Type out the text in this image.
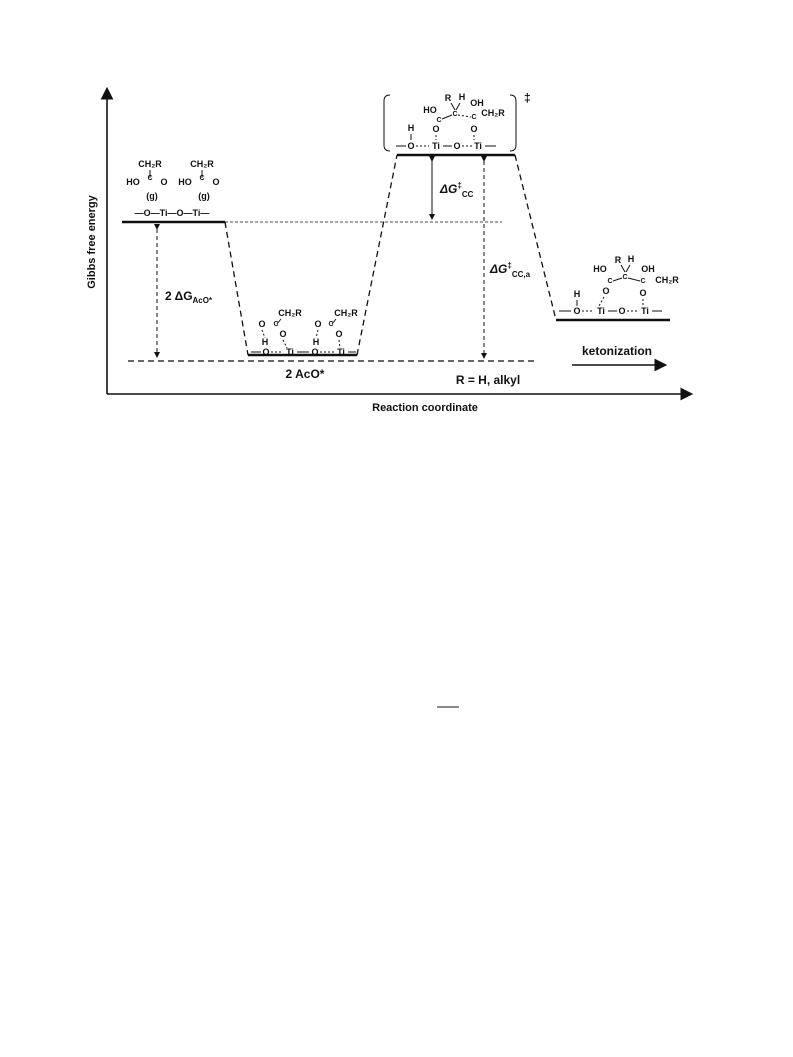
Gibbs free energy
Reaction coordinate
2 ΔGAcO*
$\Delta G^\ddagger_{CC}$
$\Delta G^\ddagger_{CC,a}$
2 AcO*	R = H, alkyl
ketonization
CH₂R
HO C O
(g)
CH₂R
HO C O
(g)
—O—Ti—O—Ti—
CH₂R
O C
O
H
CH₂R
O C
O
H
O Ti O Ti
‡
R H
HO
OH
CH₂R
C
C C
O	O
H
O Ti O Ti
R H
HO	OH
CH₂R
C
C
C
O	O
H
O Ti O Ti
